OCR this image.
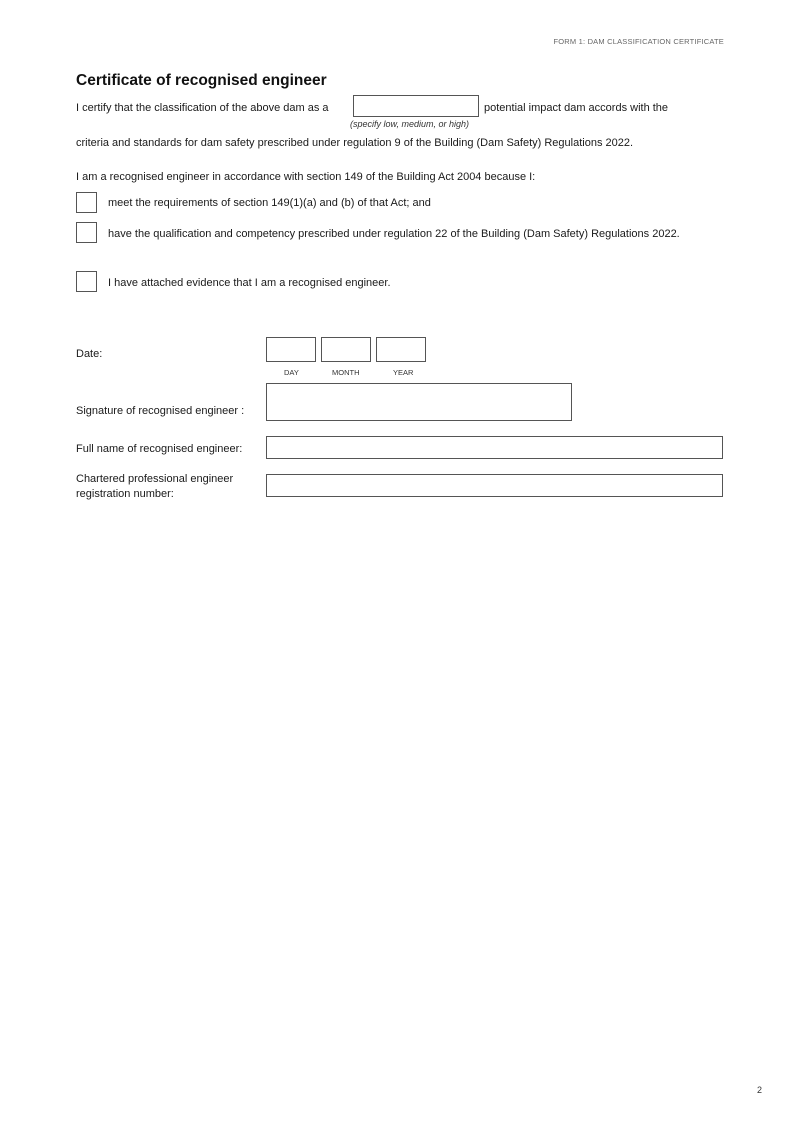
FORM 1: DAM CLASSIFICATION CERTIFICATE
Certificate of recognised engineer
I certify that the classification of the above dam as a
(specify low, medium, or high)
potential impact dam accords with the
criteria and standards for dam safety prescribed under regulation 9 of the Building (Dam Safety) Regulations 2022.
I am a recognised engineer in accordance with section 149 of the Building Act 2004 because I:
meet the requirements of section 149(1)(a) and (b) of that Act; and
have the qualification and competency prescribed under regulation 22 of the Building (Dam Safety) Regulations 2022.
I have attached evidence that I am a recognised engineer.
Date:
DAY	MONTH	YEAR
Signature of recognised engineer :
Full name of recognised engineer:
Chartered professional engineer
registration number:
2
